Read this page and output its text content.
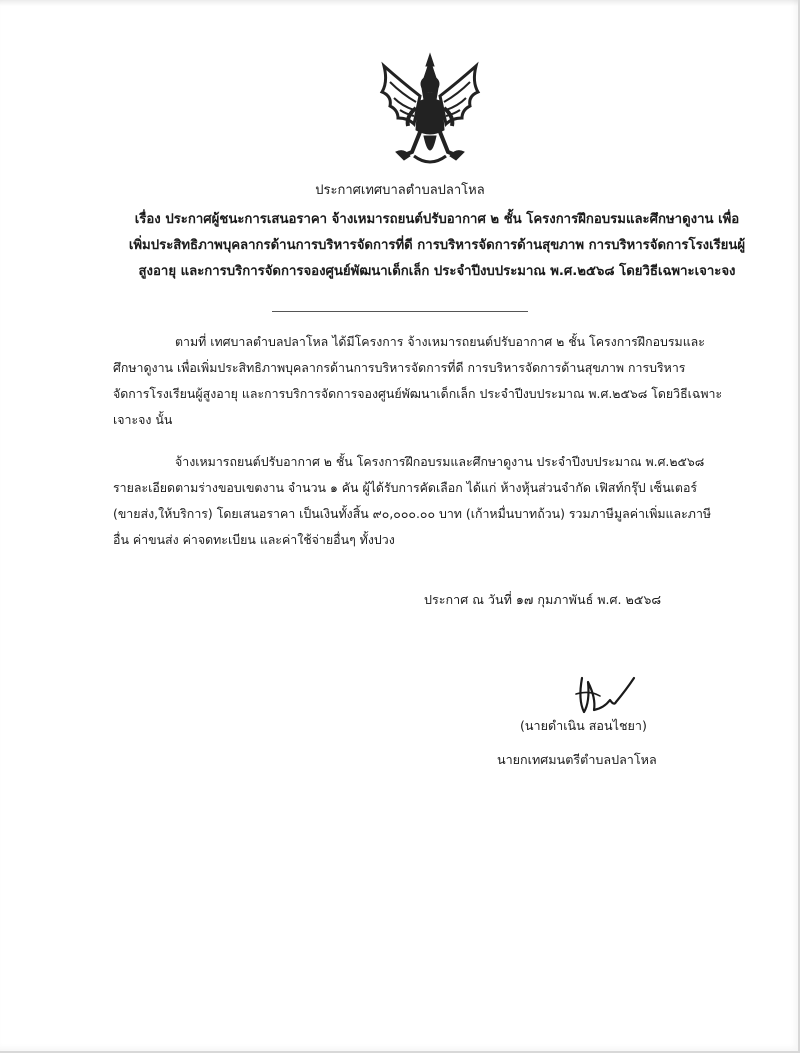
ประกาศเทศบาลตำบลปลาโหล

เรื่อง ประกาศผู้ชนะการเสนอราคา จ้างเหมารถยนต์ปรับอากาศ ๒ ชั้น โครงการฝึกอบรมและศึกษาดูงาน เพื่อ

เพิ่มประสิทธิภาพบุคลากรด้านการบริหารจัดการที่ดี การบริหารจัดการด้านสุขภาพ การบริหารจัดการโรงเรียนผู้

สูงอายุ และการบริการจัดการจองศูนย์พัฒนาเด็กเล็ก ประจำปีงบประมาณ พ.ศ.๒๕๖๘ โดยวิธีเฉพาะเจาะจง

ตามที่ เทศบาลตำบลปลาโหล ได้มีโครงการ จ้างเหมารถยนต์ปรับอากาศ ๒ ชั้น โครงการฝึกอบรมและ

ศึกษาดูงาน เพื่อเพิ่มประสิทธิภาพบุคลากรด้านการบริหารจัดการที่ดี การบริหารจัดการด้านสุขภาพ การบริหาร

จัดการโรงเรียนผู้สูงอายุ และการบริการจัดการจองศูนย์พัฒนาเด็กเล็ก ประจำปีงบประมาณ พ.ศ.๒๕๖๘ โดยวิธีเฉพาะ

เจาะจง นั้น

จ้างเหมารถยนต์ปรับอากาศ ๒ ชั้น โครงการฝึกอบรมและศึกษาดูงาน ประจำปีงบประมาณ พ.ศ.๒๕๖๘

รายละเอียดตามร่างขอบเขตงาน จำนวน ๑ คัน ผู้ได้รับการคัดเลือก ได้แก่ ห้างหุ้นส่วนจำกัด เฟิสท์กรุ๊ป เซ็นเตอร์

(ขายส่ง,ให้บริการ) โดยเสนอราคา เป็นเงินทั้งสิ้น ๙๐,๐๐๐.๐๐ บาท (เก้าหมื่นบาทถ้วน) รวมภาษีมูลค่าเพิ่มและภาษี

อื่น ค่าขนส่ง ค่าจดทะเบียน และค่าใช้จ่ายอื่นๆ ทั้งปวง

ประกาศ ณ วันที่ ๑๗ กุมภาพันธ์ พ.ศ. ๒๕๖๘
(นายดำเนิน สอนไชยา)
นายกเทศมนตรีตำบลปลาโหล
